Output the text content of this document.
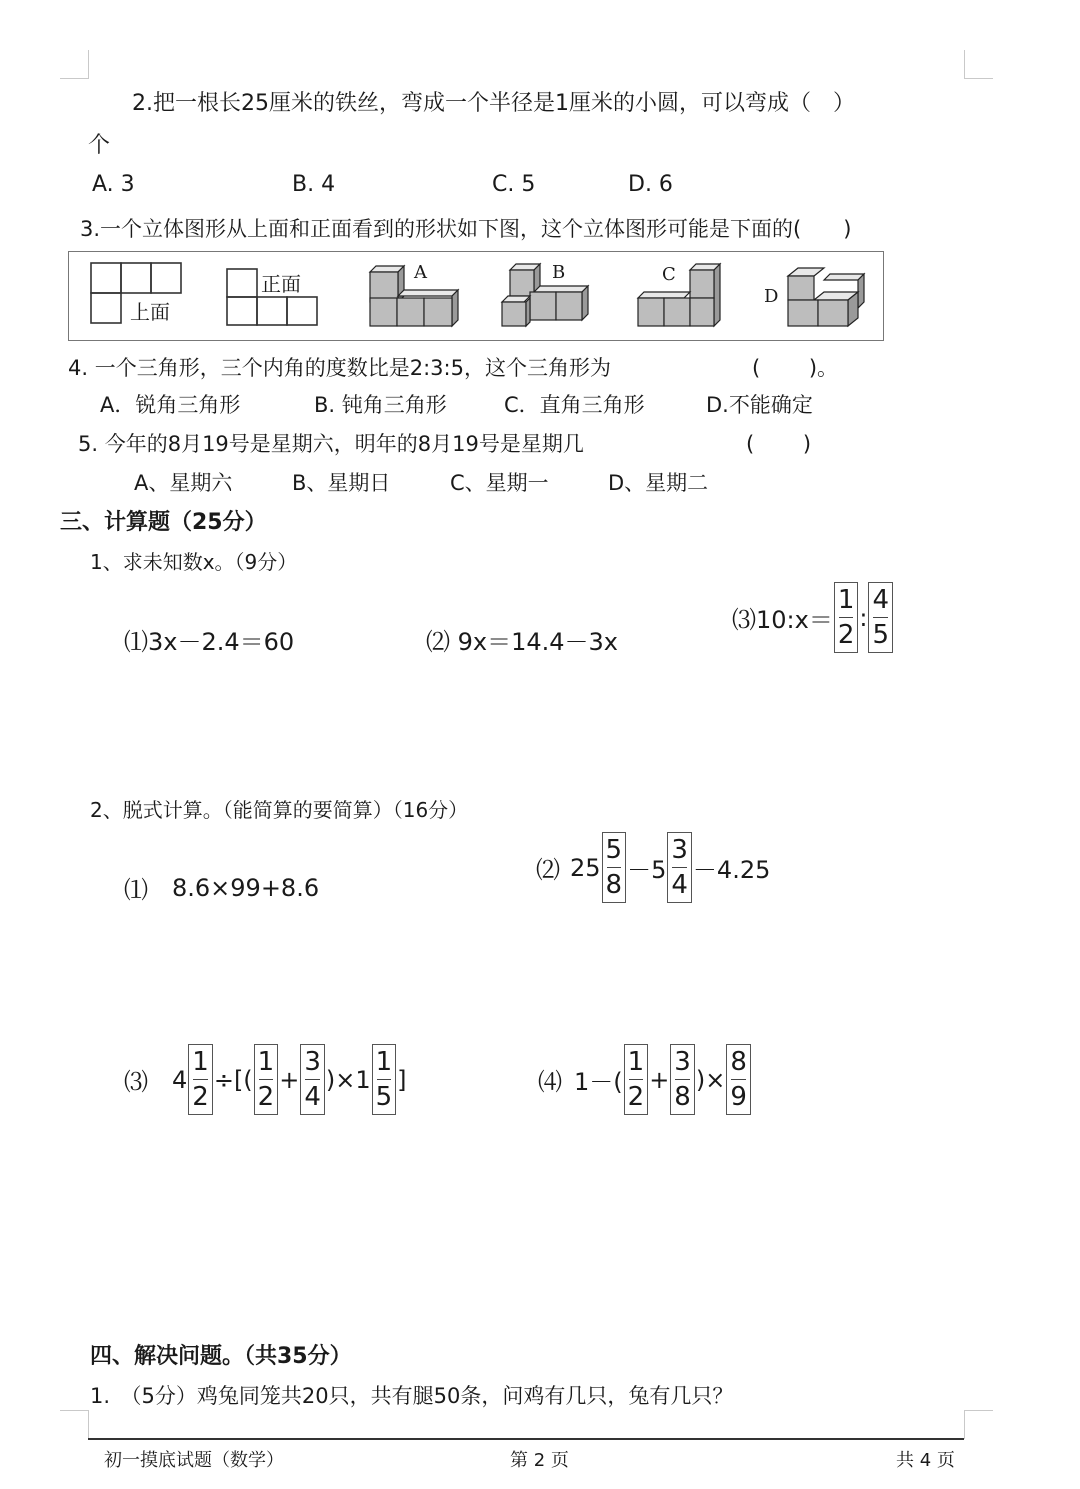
2.把一根长25厘米的铁丝，弯成一个半径是1厘米的小圆，可以弯成（　）
个
A. 3	B. 4	C. 5	D. 6
3.一个立体图形从上面和正面看到的形状如下图，这个立体图形可能是下面的(　　)
上面
正面	A	B	C
D
4. 一个三角形，三个内角的度数比是2:3:5，这个三角形为	(　　 )。
A．锐角三角形	B. 钝角三角形	C．直角三角形	D.不能确定
5. 今年的8月19号是星期六，明年的8月19号是星期几	(　　 )
A、星期六	B、星期日	C、星期一	D、星期二
三、计算题（25分）
1、求未知数x。（9分）
⑴3x－2.4＝60	⑵ 9x＝14.4－3x
⑶10:x＝ $\frac{1}{2}$ : $\frac{4}{5}$
2、脱式计算。（能简算的要简算）（16分）
⑴ 8.6×99+8.6
⑵ $25 \frac{5}{8} -5 \frac{3}{4} -4.25$
⑶ $4 \frac{1}{2}$ ÷[( $\frac{1}{2} + \frac{3}{4} )\times 1 \frac{1}{5}$ ]	⑷ $1-( \frac{1}{2} + \frac{3}{8}$ )× $\frac{8}{9}$
四、解决问题。（共35分）
1.　（5分）鸡兔同笼共20只，共有腿50条，问鸡有几只，兔有几只？
初一摸底试题（数学）	第 2 页	共 4 页
